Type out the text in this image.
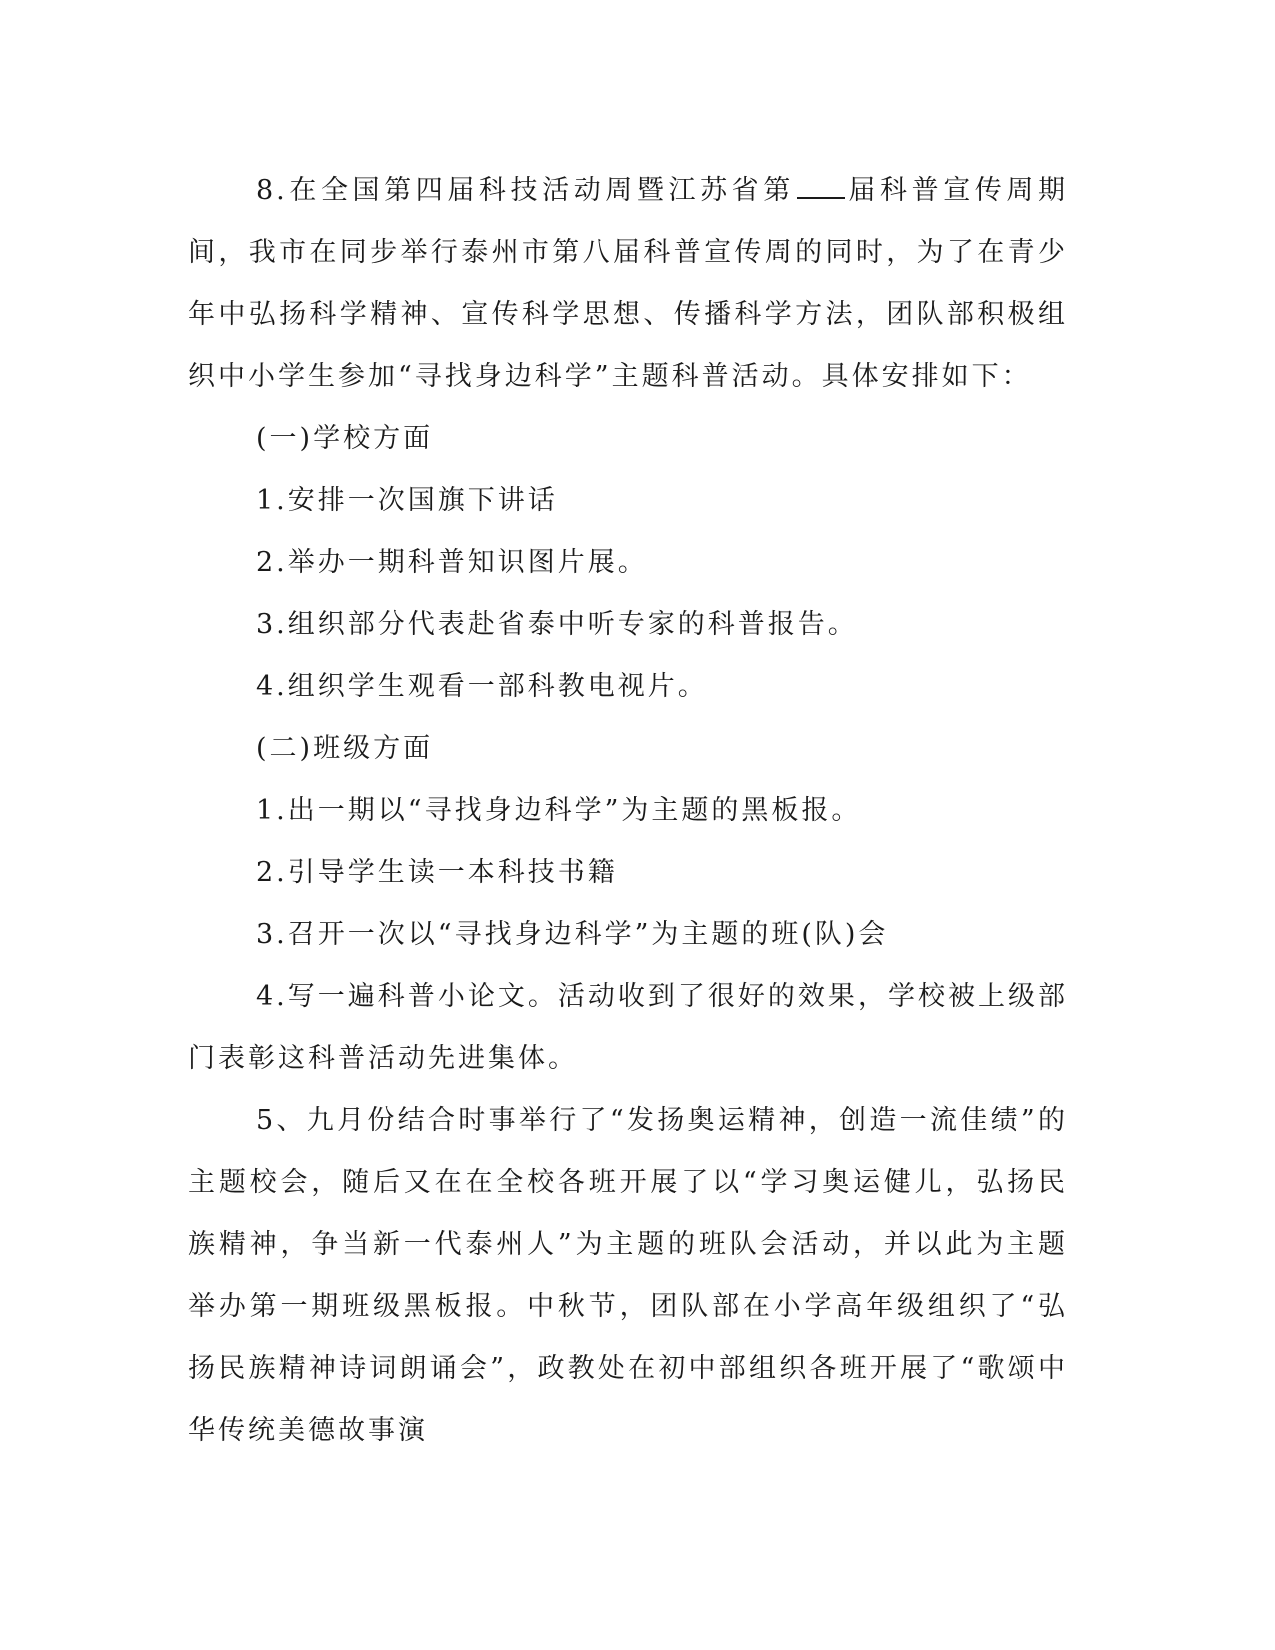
8.在全国第四届科技活动周暨江苏省第 届科普宣传周期间，我市在同步举行泰州市第八届科普宣传周的同时，为了在青少年中弘扬科学精神、宣传科学思想、传播科学方法，团队部积极组织中小学生参加“寻找身边科学”主题科普活动。具体安排如下：

(一)学校方面

1.安排一次国旗下讲话

2.举办一期科普知识图片展。

3.组织部分代表赴省泰中听专家的科普报告。

4.组织学生观看一部科教电视片。

(二)班级方面

1.出一期以“寻找身边科学”为主题的黑板报。

2.引导学生读一本科技书籍

3.召开一次以“寻找身边科学”为主题的班(队)会

4.写一遍科普小论文。活动收到了很好的效果，学校被上级部门表彰这科普活动先进集体。

5、九月份结合时事举行了“发扬奥运精神，创造一流佳绩”的主题校会，随后又在在全校各班开展了以“学习奥运健儿，弘扬民族精神，争当新一代泰州人”为主题的班队会活动，并以此为主题举办第一期班级黑板报。中秋节，团队部在小学高年级组织了“弘扬民族精神诗词朗诵会”，政教处在初中部组织各班开展了“歌颂中华传统美德故事演
